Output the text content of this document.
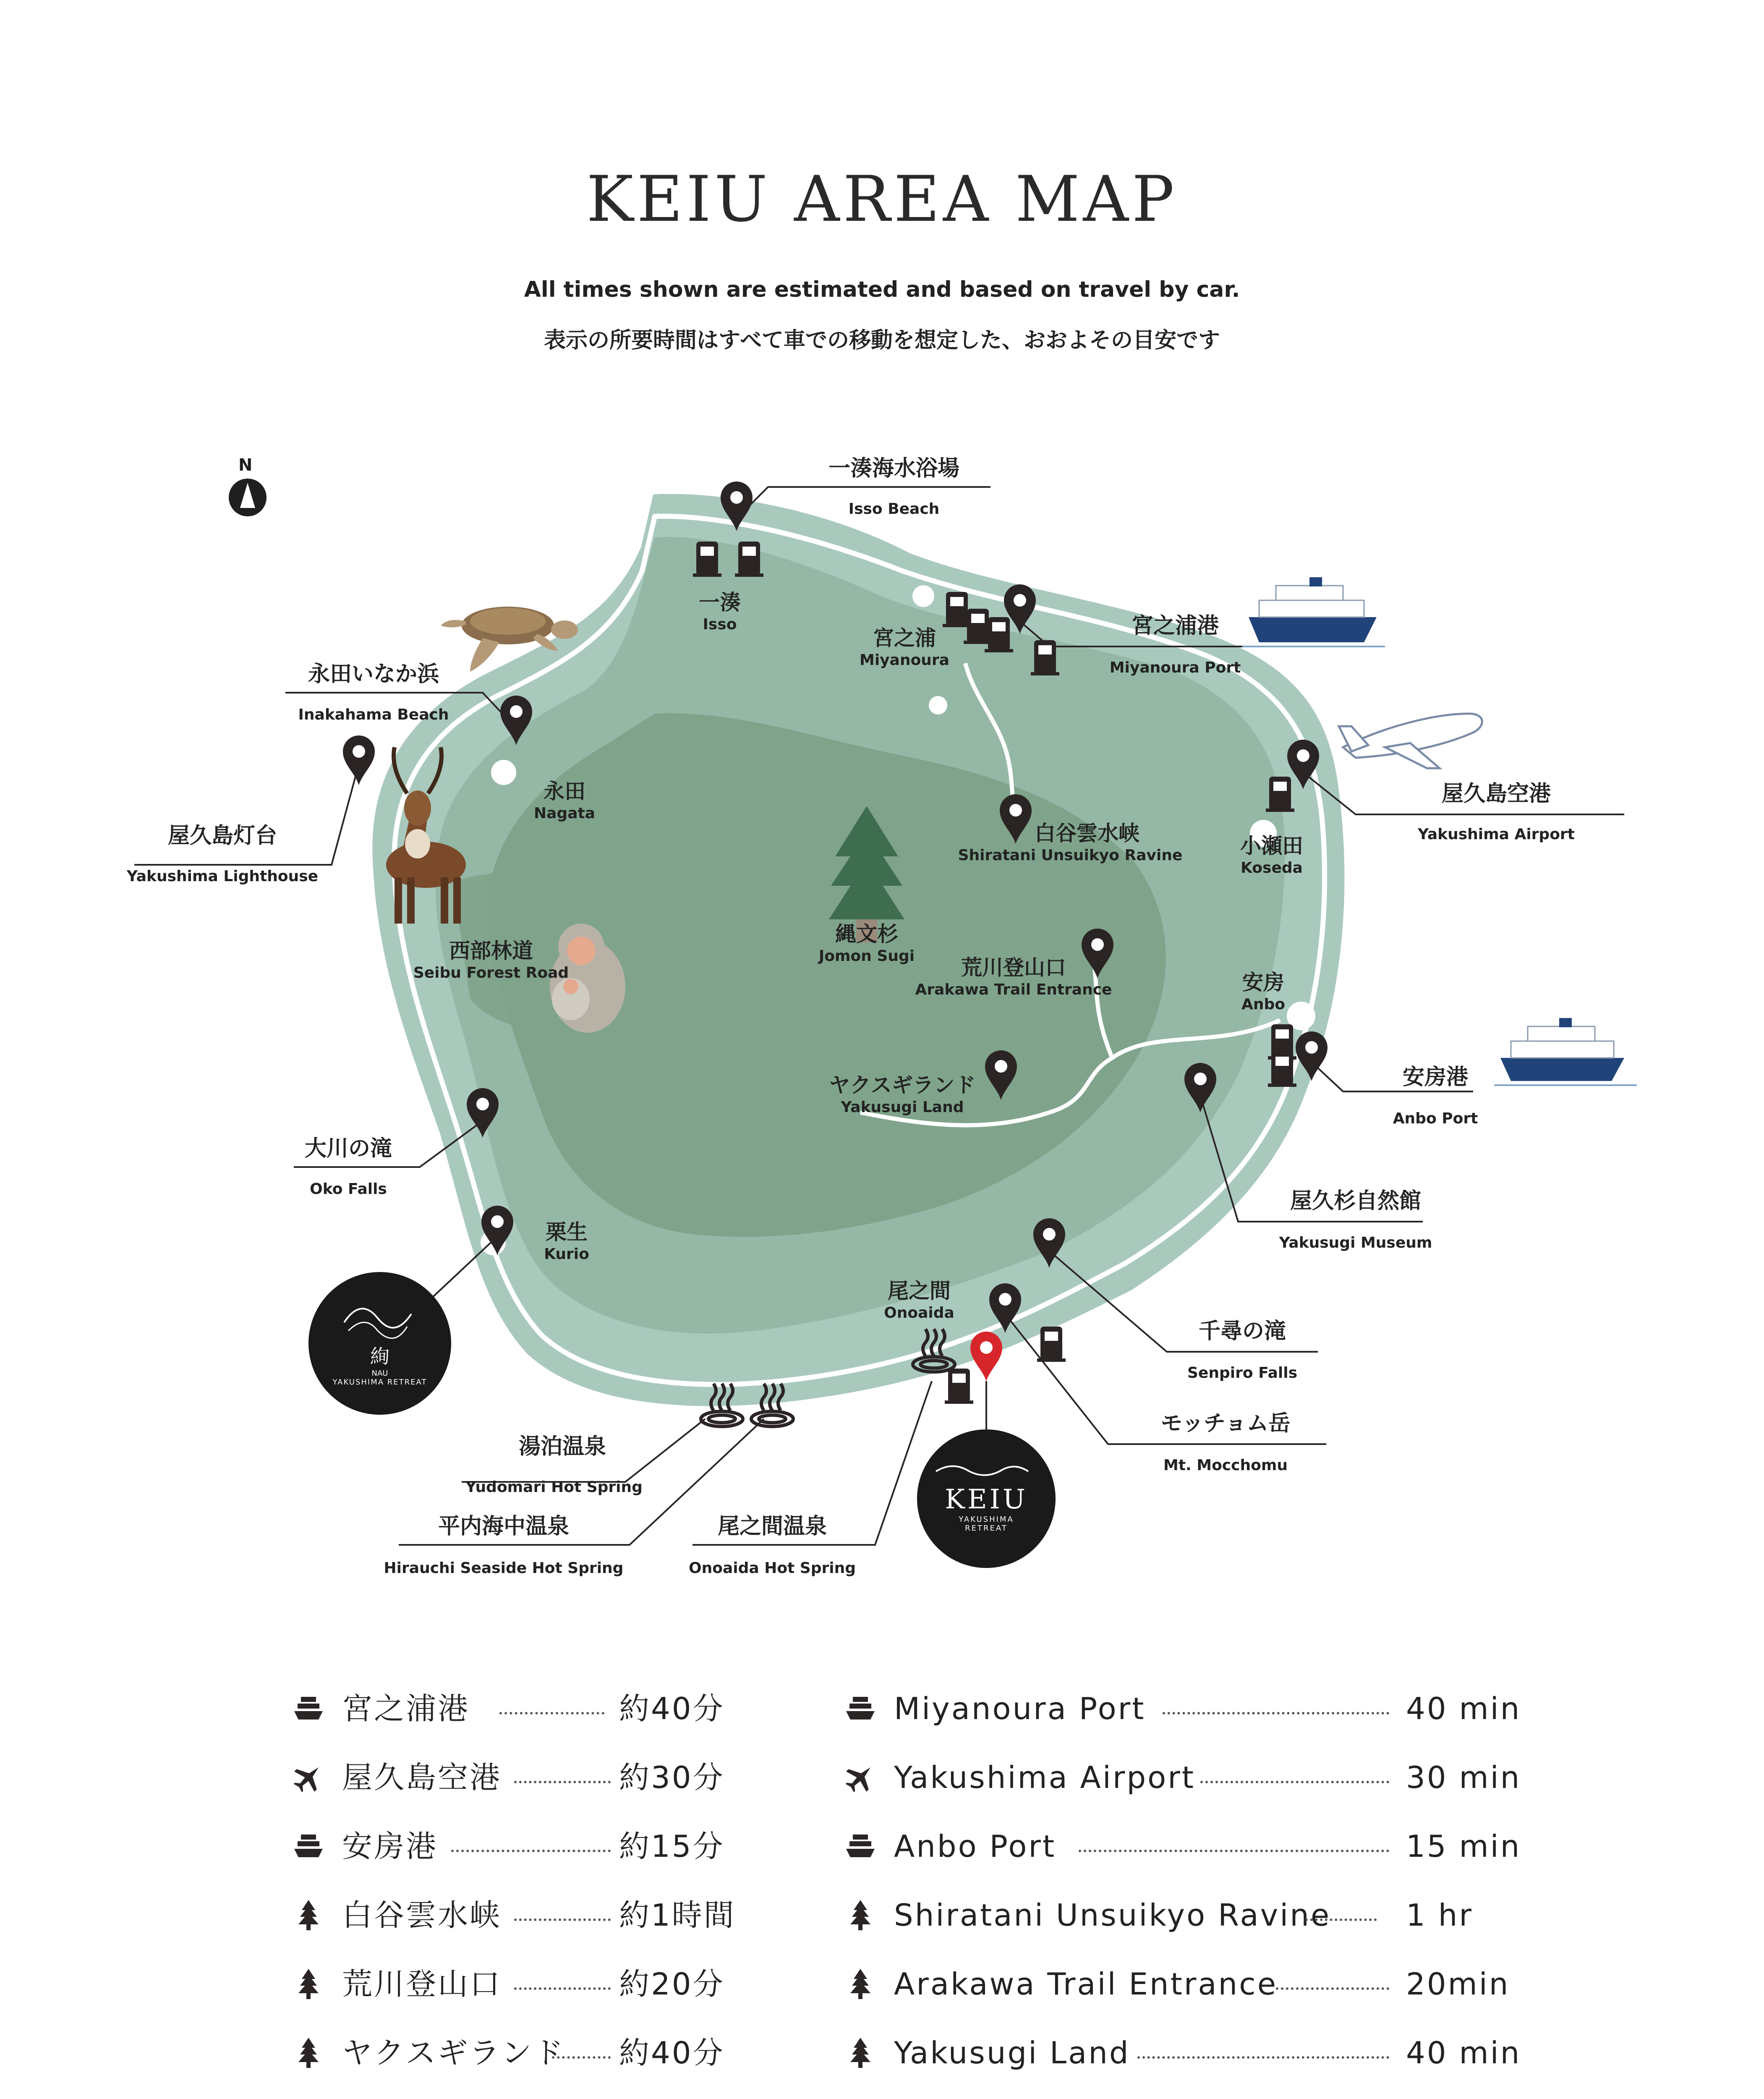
KEIU AREA MAP
All times shown are estimated and based on travel by car.
表示の所要時間はすべて車での移動を想定した、おおよその目安です
N
絢
NAU
YAKUSHIMA RETREAT
KEIU
YAKUSHIMA
RETREAT
一湊海水浴場
Isso Beach
一湊
Isso
宮之浦
Miyanoura
宮之浦港
Miyanoura Port
永田いなか浜
Inakahama Beach
永田
Nagata
屋久島灯台
Yakushima Lighthouse
屋久島空港
Yakushima Airport
白谷雲水峡
Shiratani Unsuikyo Ravine	小瀬田
Koseda
西部林道
Seibu Forest Road
縄文杉
Jomon Sugi	荒川登山口
Arakawa Trail Entrance	安房
Anbo
安房港
Anbo Port
ヤクスギランド
Yakusugi Land
大川の滝
Oko Falls	屋久杉自然館
Yakusugi Museum
栗生
Kurio
尾之間
Onoaida
千尋の滝
Senpiro Falls
モッチョム岳
Mt. Mocchomu
湯泊温泉
Yudomari Hot Spring
平内海中温泉
Hirauchi Seaside Hot Spring
尾之間温泉
Onoaida Hot Spring
宮之浦港	約40分
屋久島空港	約30分
安房港	約15分
白谷雲水峡	約1時間
荒川登山口	約20分
ヤクスギランド 約40分
Miyanoura Port	40 min
Yakushima Airport	30 min
Anbo Port	15 min
Shiratani Unsuikyo Ravine 1 hr
Arakawa Trail Entrance	20min
Yakusugi Land	40 min
